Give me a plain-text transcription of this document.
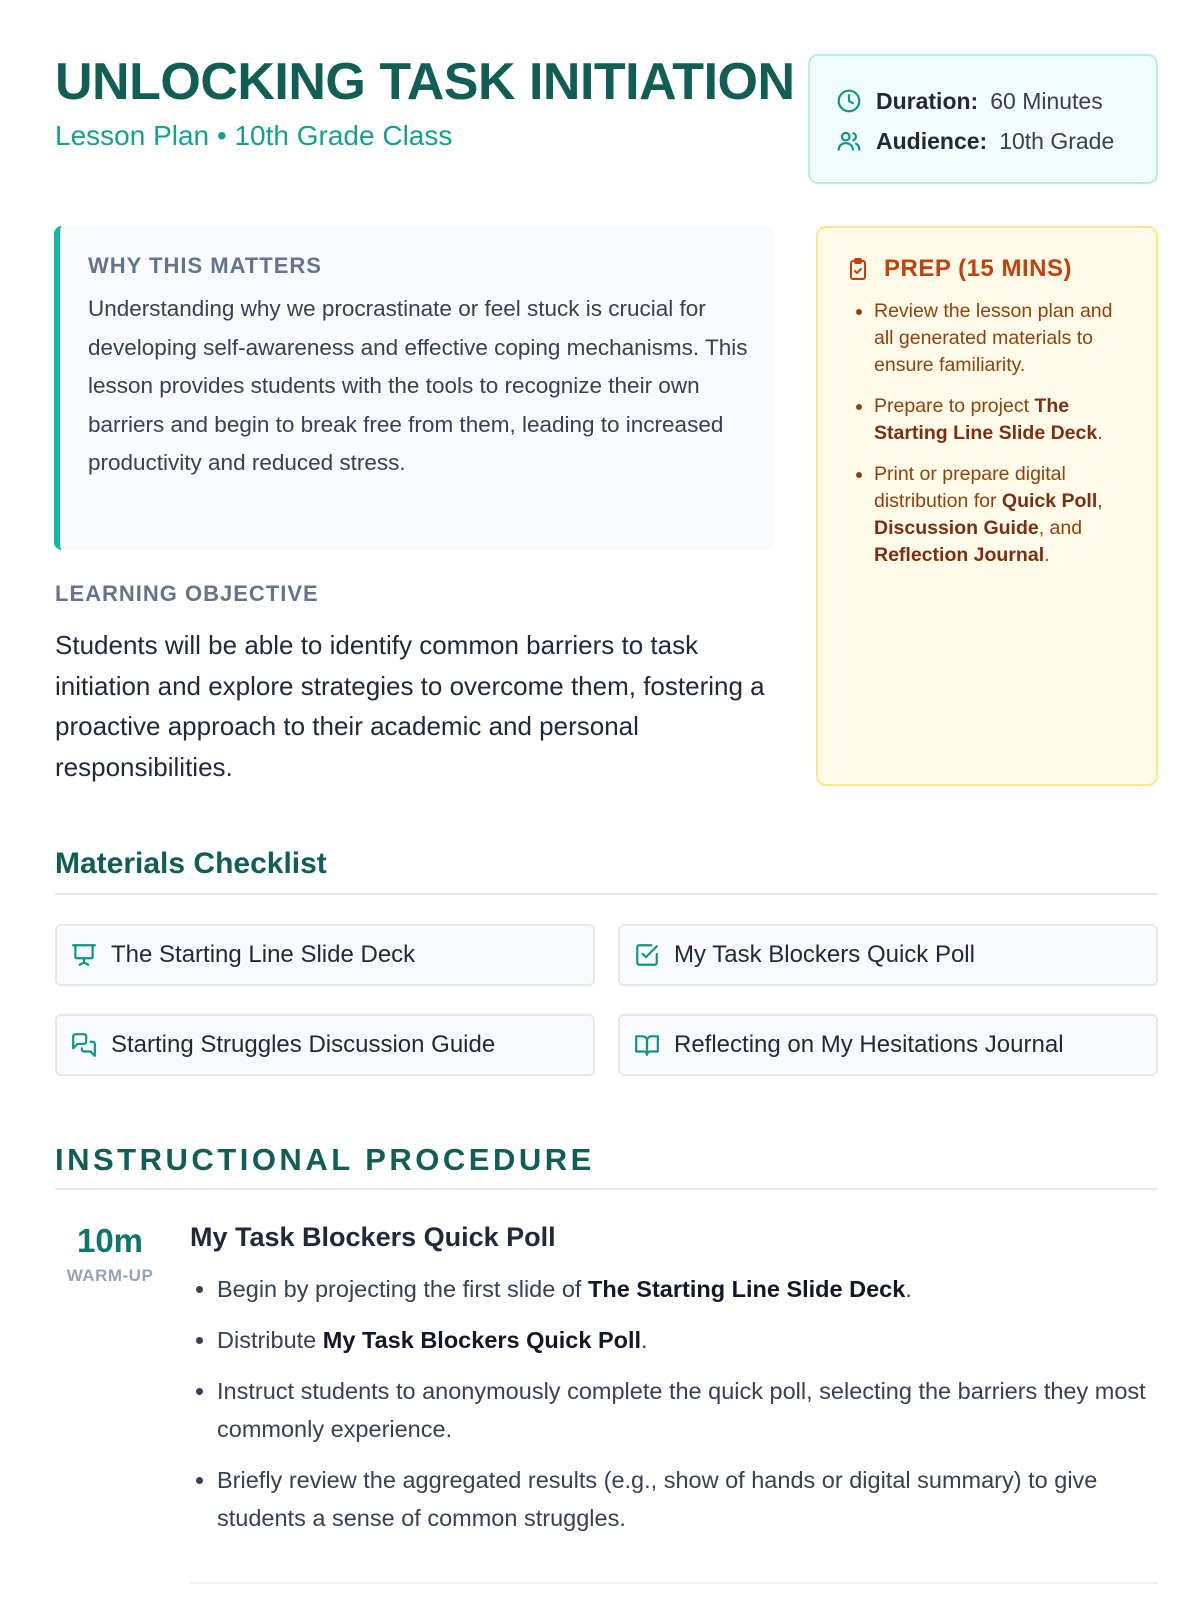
UNLOCKING TASK INITIATION
Lesson Plan • 10th Grade Class
Duration: 60 Minutes
Audience: 10th Grade
WHY THIS MATTERS

Understanding why we procrastinate or feel stuck is crucial for developing self-awareness and effective coping mechanisms. This lesson provides students with the tools to recognize their own barriers and begin to break free from them, leading to increased productivity and reduced stress.

LEARNING OBJECTIVE

Students will be able to identify common barriers to task initiation and explore strategies to overcome them, fostering a proactive approach to their academic and personal responsibilities.

PREP (15 MINS)
• Review the lesson plan and all generated materials to ensure familiarity.
• Prepare to project The Starting Line Slide Deck.
• Print or prepare digital distribution for Quick Poll, Discussion Guide, and Reflection Journal.
Materials Checklist
The Starting Line Slide Deck	My Task Blockers Quick Poll
Starting Struggles Discussion Guide	Reflecting on My Hesitations Journal
INSTRUCTIONAL PROCEDURE
10m
WARM-UP
My Task Blockers Quick Poll
• Begin by projecting the first slide of The Starting Line Slide Deck.
• Distribute My Task Blockers Quick Poll.
• Instruct students to anonymously complete the quick poll, selecting the barriers they most commonly experience.
• Briefly review the aggregated results (e.g., show of hands or digital summary) to give students a sense of common struggles.
